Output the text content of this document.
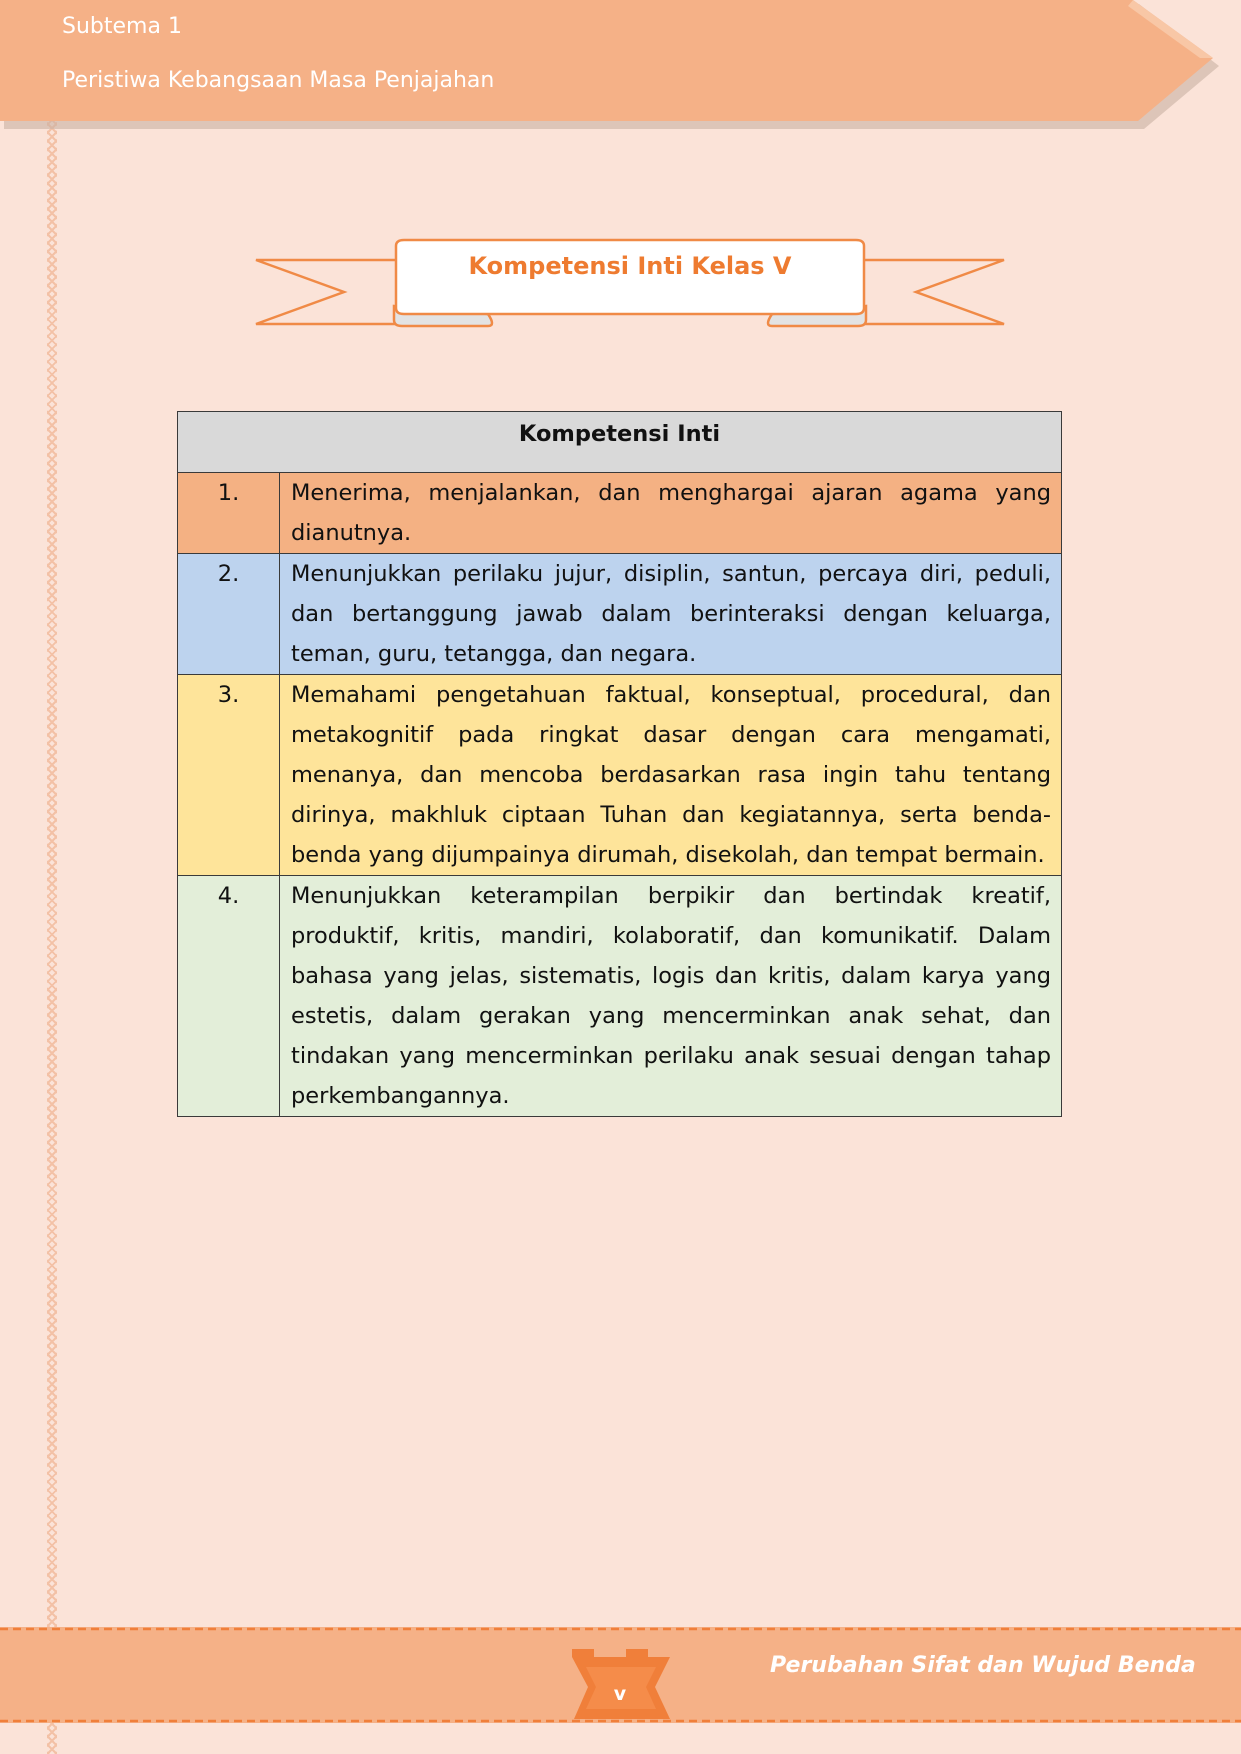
Subtema 1
Peristiwa Kebangsaan Masa Penjajahan
Kompetensi Inti Kelas V
Kompetensi Inti	
1.	Menerima, menjalankan, dan menghargai ajaran agama yang dianutnya.
2.	Menunjukkan perilaku jujur, disiplin, santun, percaya diri, peduli, dan bertanggung jawab dalam berinteraksi dengan keluarga, teman, guru, tetangga, dan negara.
3.	Memahami pengetahuan faktual, konseptual, procedural, dan metakognitif pada ringkat dasar dengan cara mengamati, menanya, dan mencoba berdasarkan rasa ingin tahu tentang dirinya, makhluk ciptaan Tuhan dan kegiatannya, serta benda-benda yang dijumpainya dirumah, disekolah, dan tempat bermain.
4.	Menunjukkan keterampilan berpikir dan bertindak kreatif, produktif, kritis, mandiri, kolaboratif, dan komunikatif. Dalam bahasa yang jelas, sistematis, logis dan kritis, dalam karya yang estetis, dalam gerakan yang mencerminkan anak sehat, dan tindakan yang mencerminkan perilaku anak sesuai dengan tahap perkembangannya.
v
Perubahan Sifat dan Wujud Benda
